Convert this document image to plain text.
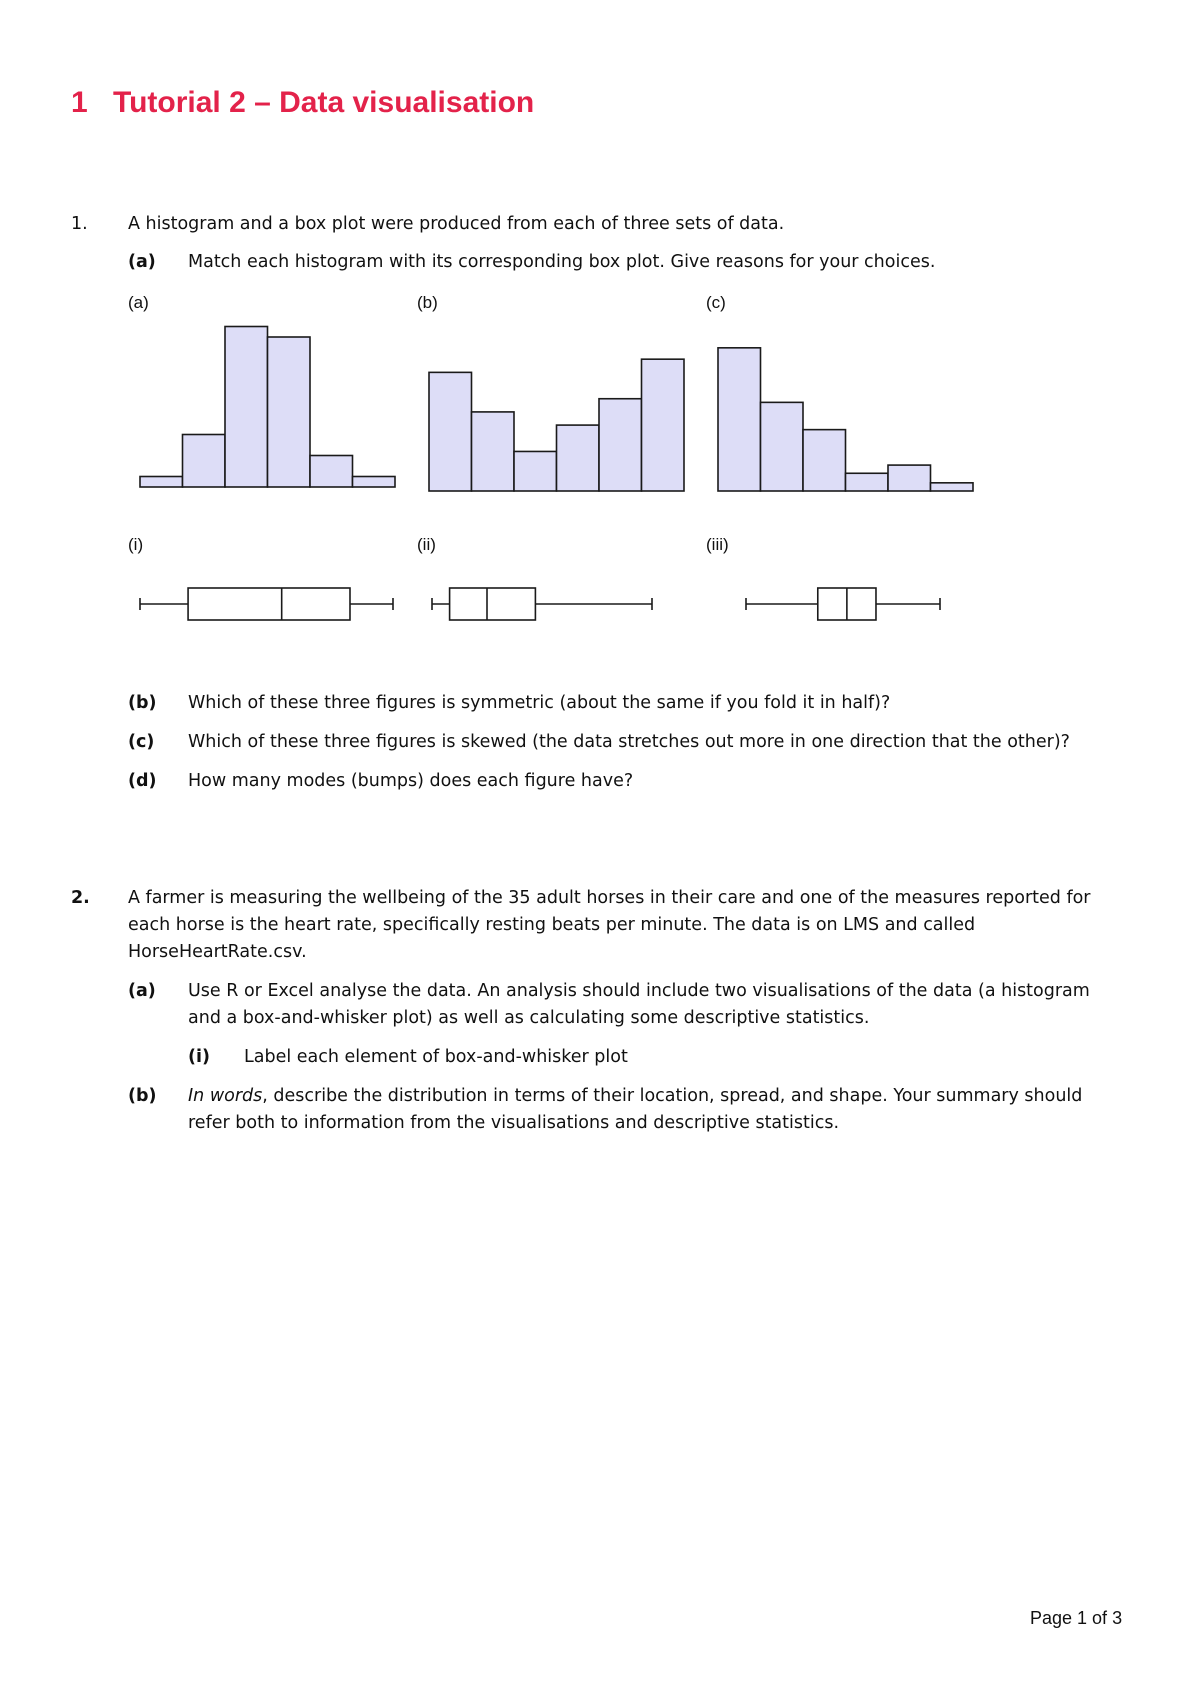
1 Tutorial 2 – Data visualisation
1. A histogram and a box plot were produced from each of three sets of data.
(a) Match each histogram with its corresponding box plot. Give reasons for your choices.
(a)	(b)	(c)
(i)	(ii)	(iii)
(b) Which of these three figures is symmetric (about the same if you fold it in half)?
(c) Which of these three figures is skewed (the data stretches out more in one direction that the other)?
(d) How many modes (bumps) does each figure have?
2. A farmer is measuring the wellbeing of the 35 adult horses in their care and one of the measures reported for
each horse is the heart rate, specifically resting beats per minute. The data is on LMS and called
HorseHeartRate.csv.
(a) Use R or Excel analyse the data. An analysis should include two visualisations of the data (a histogram
and a box-and-whisker plot) as well as calculating some descriptive statistics.
(i) Label each element of box-and-whisker plot
(b) In words, describe the distribution in terms of their location, spread, and shape. Your summary should
refer both to information from the visualisations and descriptive statistics.
Page 1 of 3
